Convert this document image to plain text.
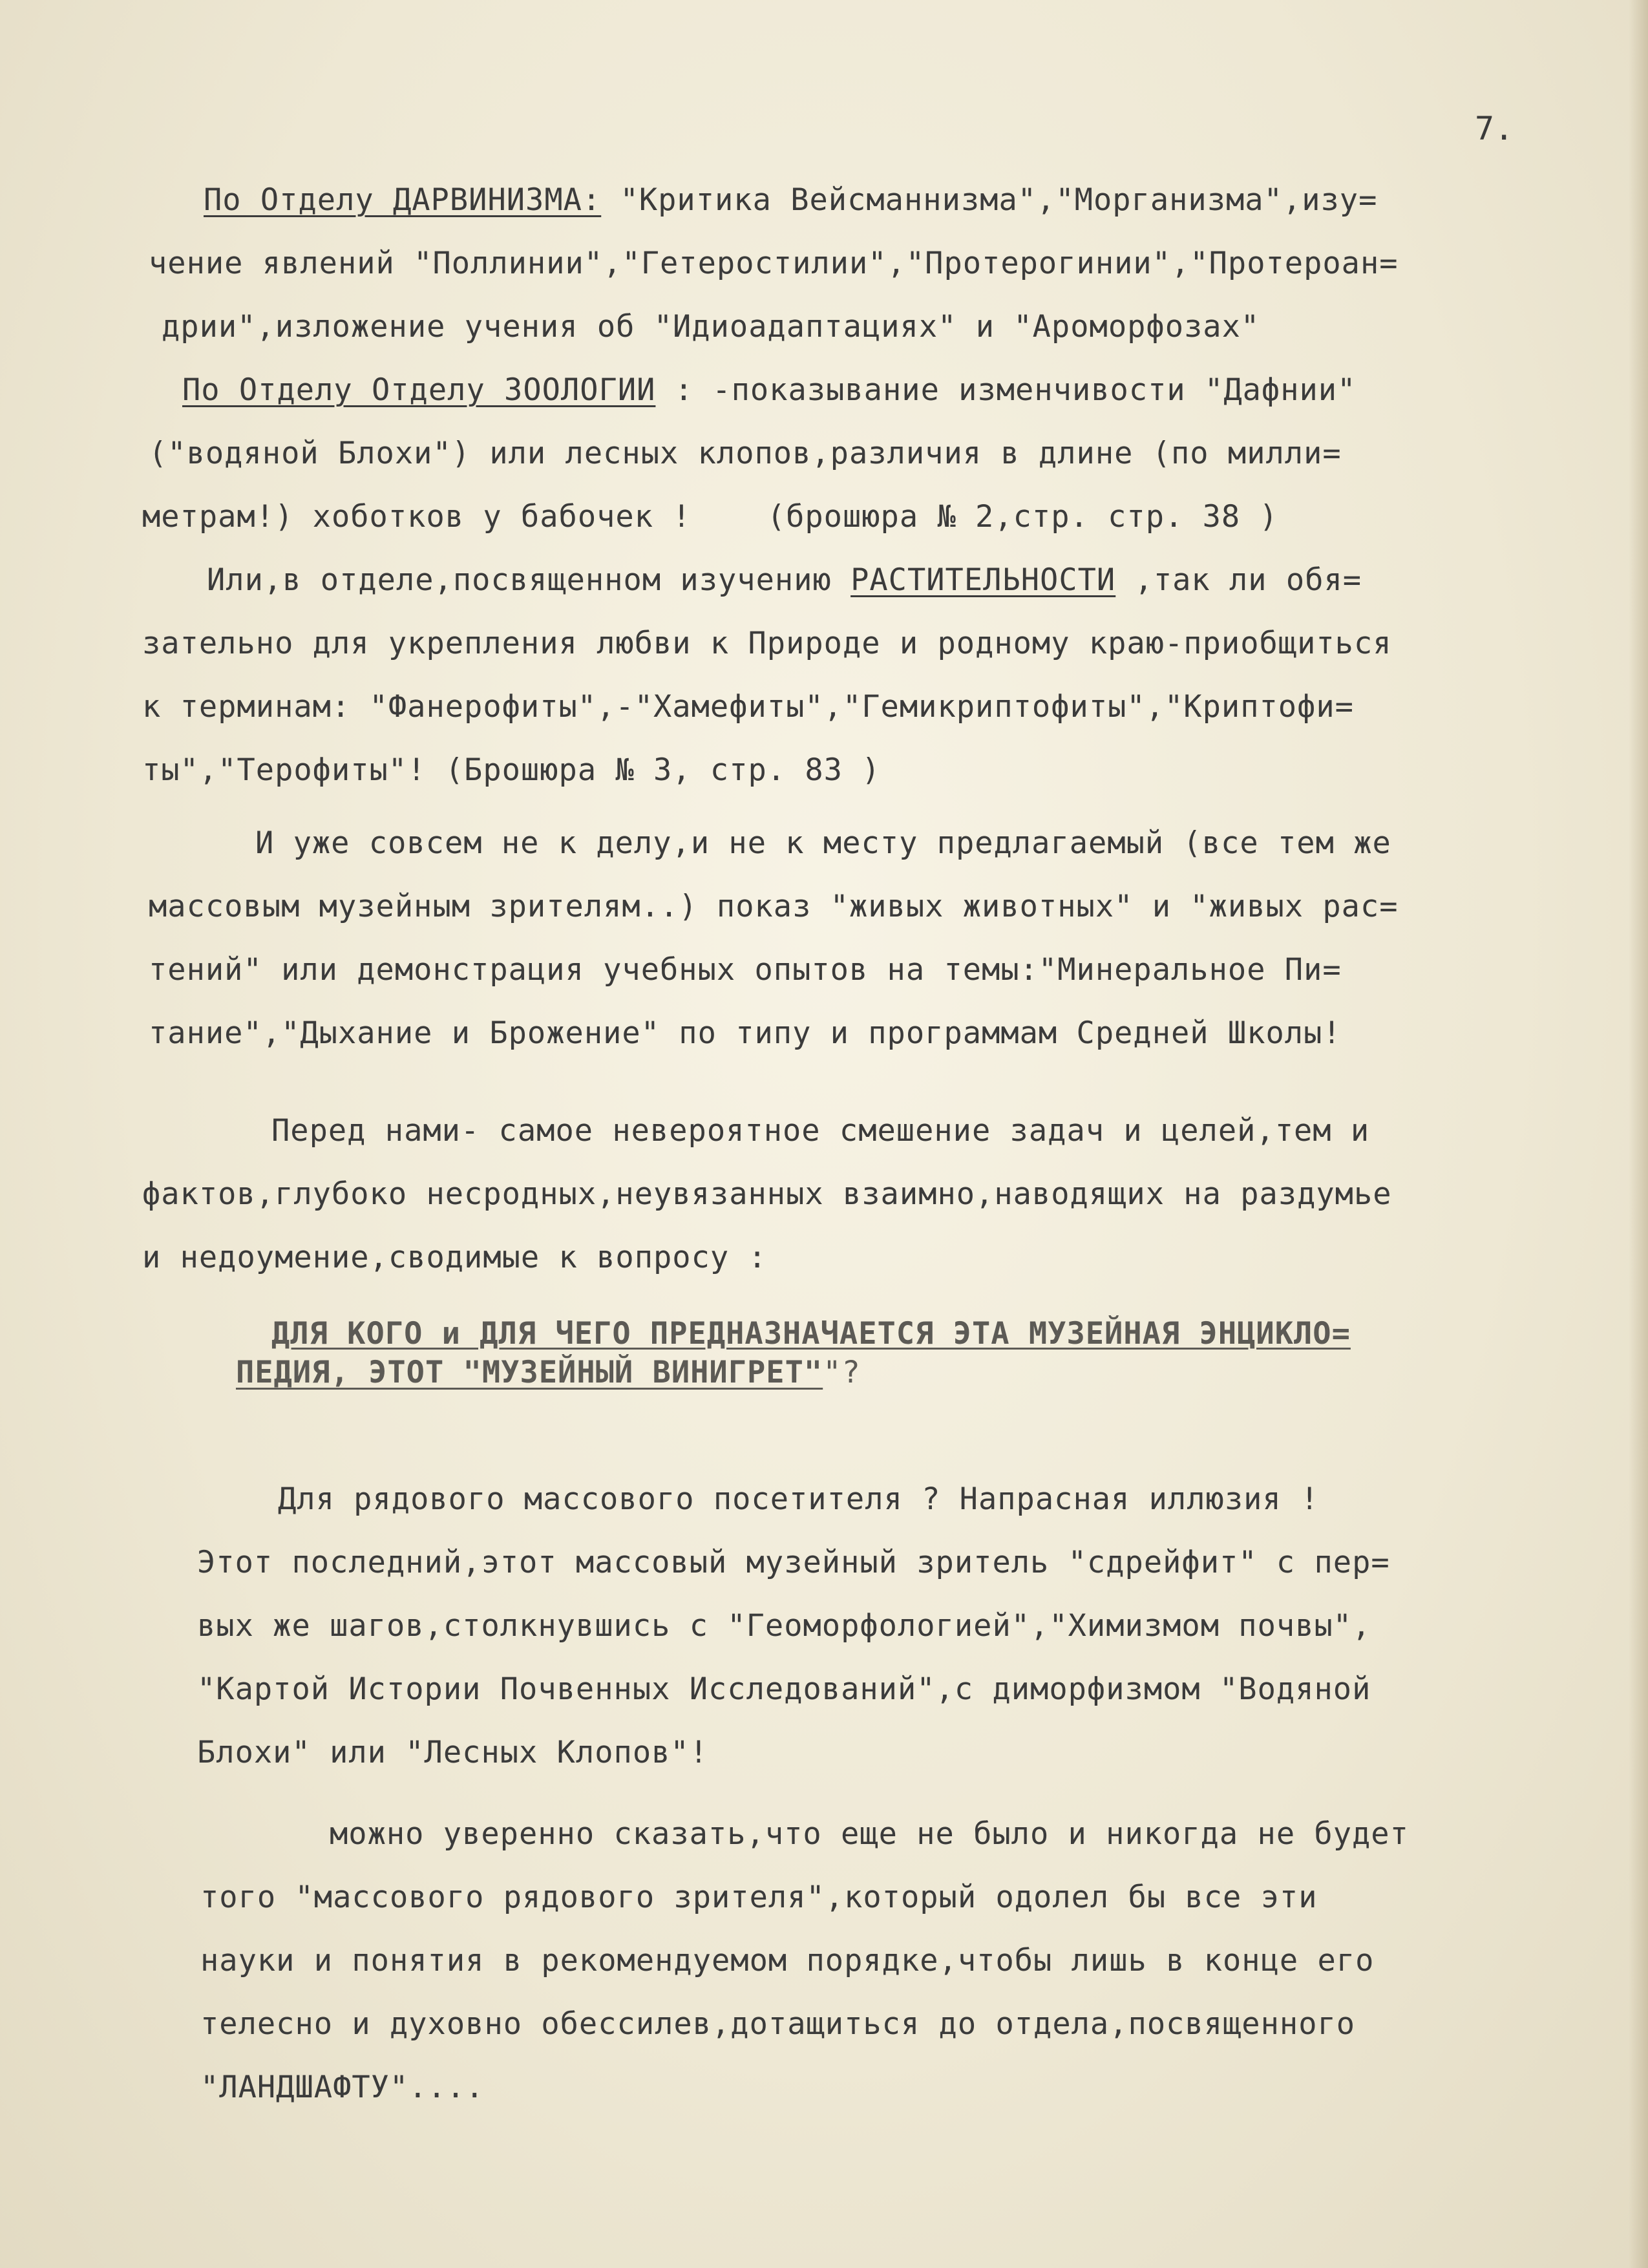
7.
По Отделу ДАРВИНИЗМА: "Критика Вейсманнизма","Морганизма",изу=
чение явлений "Поллинии","Гетеростилии","Протерогинии","Протероан=
дрии",изложение учения об "Идиоадаптациях" и "Ароморфозах"
По Отделу Отделу ЗООЛОГИИ : -показывание изменчивости "Дафнии"
("водяной Блохи") или лесных клопов,различия в длине (по милли=
метрам!) хоботков у бабочек !    (брошюра № 2,стр. стр. 38 )
Или,в отделе,посвященном изучению РАСТИТЕЛЬНОСТИ ,так ли обя=
зательно для укрепления любви к Природе и родному краю-приобщиться
к терминам: "Фанерофиты",-"Хамефиты","Гемикриптофиты","Криптофи=
ты","Терофиты"! (Брошюра № 3, стр. 83 )
И уже совсем не к делу,и не к месту предлагаемый (все тем же
массовым музейным зрителям..) показ "живых животных" и "живых рас=
тений" или демонстрация учебных опытов на темы:"Минеральное Пи=
тание","Дыхание и Брожение" по типу и программам Средней Школы!
Перед нами- самое невероятное смешение задач и целей,тем и
фактов,глубоко несродных,неувязанных взаимно,наводящих на раздумье
и недоумение,сводимые к вопросу :
ДЛЯ КОГО и ДЛЯ ЧЕГО ПРЕДНАЗНАЧАЕТСЯ ЭТА МУЗЕЙНАЯ ЭНЦИКЛО=
ПЕДИЯ, ЭТОТ "МУЗЕЙНЫЙ ВИНИГРЕТ""?
Для рядового массового посетителя ? Напрасная иллюзия !
Этот последний,этот массовый музейный зритель "сдрейфит" с пер=
вых же шагов,столкнувшись с "Геоморфологией","Химизмом почвы",
"Картой Истории Почвенных Исследований",с диморфизмом "Водяной
Блохи" или "Лесных Клопов"!
можно уверенно сказать,что еще не было и никогда не будет
того "массового рядового зрителя",который одолел бы все эти
науки и понятия в рекомендуемом порядке,чтобы лишь в конце его
телесно и духовно обессилев,дотащиться до отдела,посвященного
"ЛАНДШАФТУ"....
